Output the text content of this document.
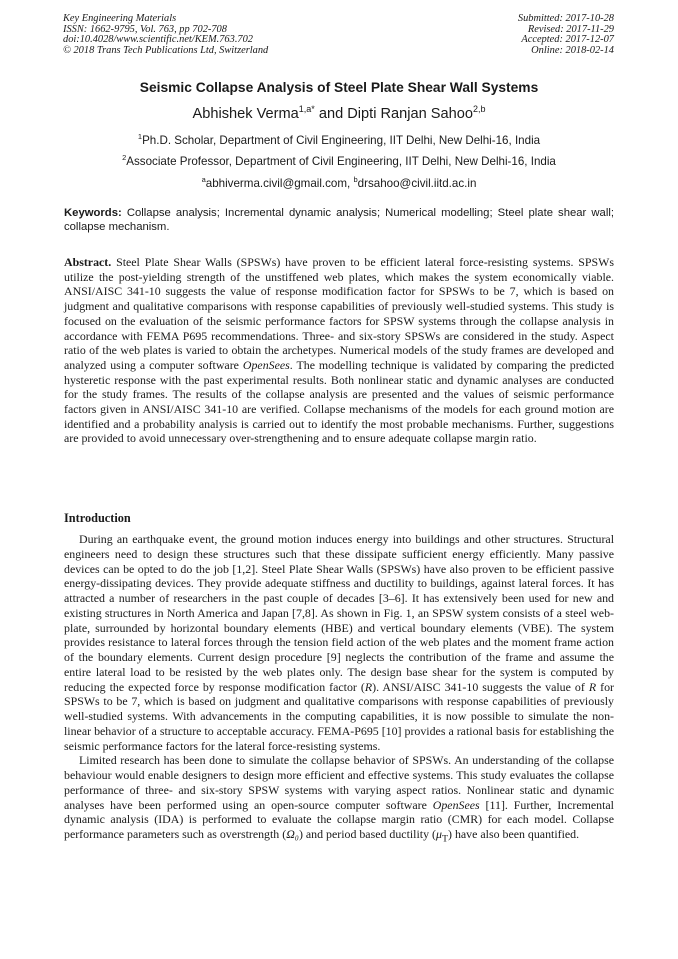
Key Engineering Materials
ISSN: 1662-9795, Vol. 763, pp 702-708
doi:10.4028/www.scientific.net/KEM.763.702
© 2018 Trans Tech Publications Ltd, Switzerland
Submitted: 2017-10-28
Revised: 2017-11-29
Accepted: 2017-12-07
Online: 2018-02-14
Seismic Collapse Analysis of Steel Plate Shear Wall Systems
Abhishek Verma$^{1,a*}$ and Dipti Ranjan Sahoo$^{2,b}$
$^1$Ph.D. Scholar, Department of Civil Engineering, IIT Delhi, New Delhi-16, India
$^2$Associate Professor, Department of Civil Engineering, IIT Delhi, New Delhi-16, India
$^a$abhiverma.civil@gmail.com, $^b$drsahoo@civil.iitd.ac.in
Keywords: Collapse analysis; Incremental dynamic analysis; Numerical modelling; Steel plate shear wall; collapse mechanism.
Abstract. Steel Plate Shear Walls (SPSWs) have proven to be efficient lateral force-resisting systems. SPSWs utilize the post-yielding strength of the unstiffened web plates, which makes the system economically viable. ANSI/AISC 341-10 suggests the value of response modification factor for SPSWs to be 7, which is based on judgment and qualitative comparisons with response capabilities of previously well-studied systems. This study is focused on the evaluation of the seismic performance factors for SPSW systems through the collapse analysis in accordance with FEMA P695 recommendations. Three- and six-story SPSWs are considered in the study. Aspect ratio of the web plates is varied to obtain the archetypes. Numerical models of the study frames are developed and analyzed using a computer software OpenSees. The modelling technique is validated by comparing the predicted hysteretic response with the past experimental results. Both nonlinear static and dynamic analyses are conducted for the study frames. The results of the collapse analysis are presented and the values of seismic performance factors given in ANSI/AISC 341-10 are verified. Collapse mechanisms of the models for each ground motion are identified and a probability analysis is carried out to identify the most probable mechanisms. Further, suggestions are provided to avoid unnecessary over-strengthening and to ensure adequate collapse margin ratio.
Introduction

During an earthquake event, the ground motion induces energy into buildings and other structures. Structural engineers need to design these structures such that these dissipate sufficient energy efficiently. Many passive devices can be opted to do the job [1,2]. Steel Plate Shear Walls (SPSWs) have also proven to be efficient passive energy-dissipating devices. They provide adequate stiffness and ductility to buildings, against lateral forces. It has attracted a number of researchers in the past couple of decades [3–6]. It has extensively been used for new and existing structures in North America and Japan [7,8]. As shown in Fig. 1, an SPSW system consists of a steel web-plate, surrounded by horizontal boundary elements (HBE) and vertical boundary elements (VBE). The system provides resistance to lateral forces through the tension field action of the web plates and the moment frame action of the boundary elements. Current design procedure [9] neglects the contribution of the frame and assume the entire lateral load to be resisted by the web plates only. The design base shear for the system is computed by reducing the expected force by response modification factor (R). ANSI/AISC 341-10 suggests the value of R for SPSWs to be 7, which is based on judgment and qualitative comparisons with response capabilities of previously well-studied systems. With advancements in the computing capabilities, it is now possible to simulate the non-linear behavior of a structure to acceptable accuracy. FEMA-P695 [10] provides a rational basis for establishing the seismic performance factors for the lateral force-resisting systems.

Limited research has been done to simulate the collapse behavior of SPSWs. An understanding of the collapse behaviour would enable designers to design more efficient and effective systems. This study evaluates the collapse performance of three- and six-story SPSW systems with varying aspect ratios. Nonlinear static and dynamic analyses have been performed using an open-source computer software OpenSees [11]. Further, Incremental dynamic analysis (IDA) is performed to evaluate the collapse margin ratio (CMR) for each model. Collapse performance parameters such as overstrength (Ω₀) and period based ductility $(\mu_T)$ have also been quantified.
